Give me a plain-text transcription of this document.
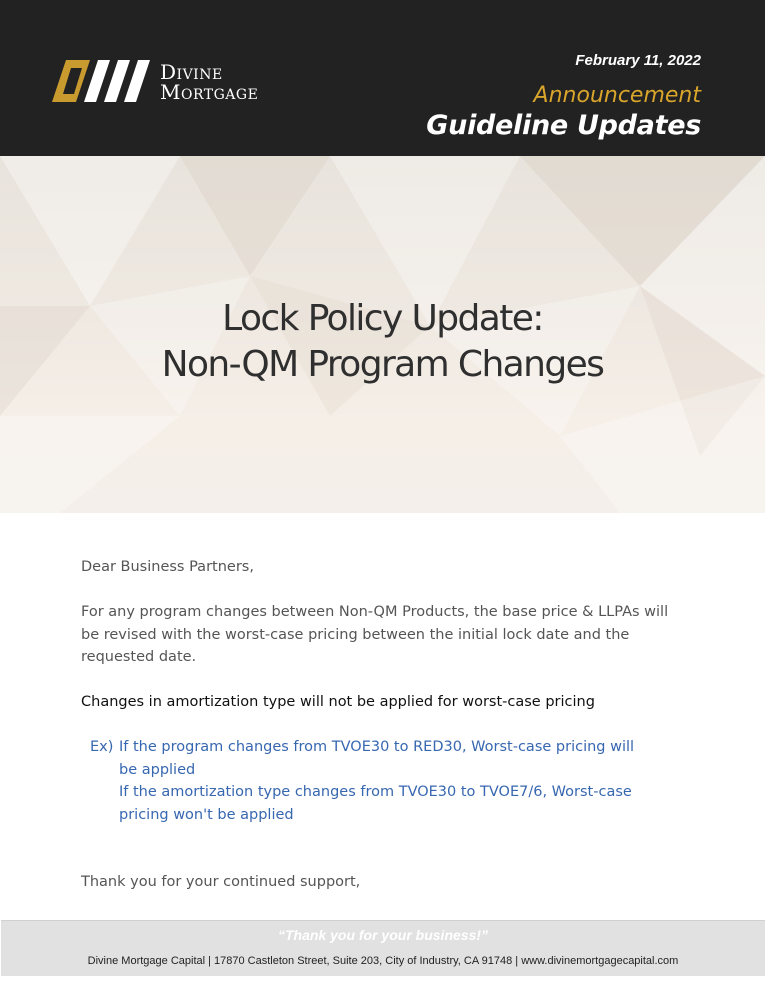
Divine
Mortgage
February 11, 2022
Announcement
Guideline Updates
Lock Policy Update:
Non-QM Program Changes
Dear Business Partners,
For any program changes between Non-QM Products, the base price & LLPAs will be revised with the worst-case pricing between the initial lock date and the requested date.
Changes in amortization type will not be applied for worst-case pricing
Ex) If the program changes from TVOE30 to RED30, Worst-case pricing will be applied
If the amortization type changes from TVOE30 to TVOE7/6, Worst-case pricing won't be applied
Thank you for your continued support,
“Thank you for your business!”
Divine Mortgage Capital | 17870 Castleton Street, Suite 203, City of Industry, CA 91748 | www.divinemortgagecapital.com
